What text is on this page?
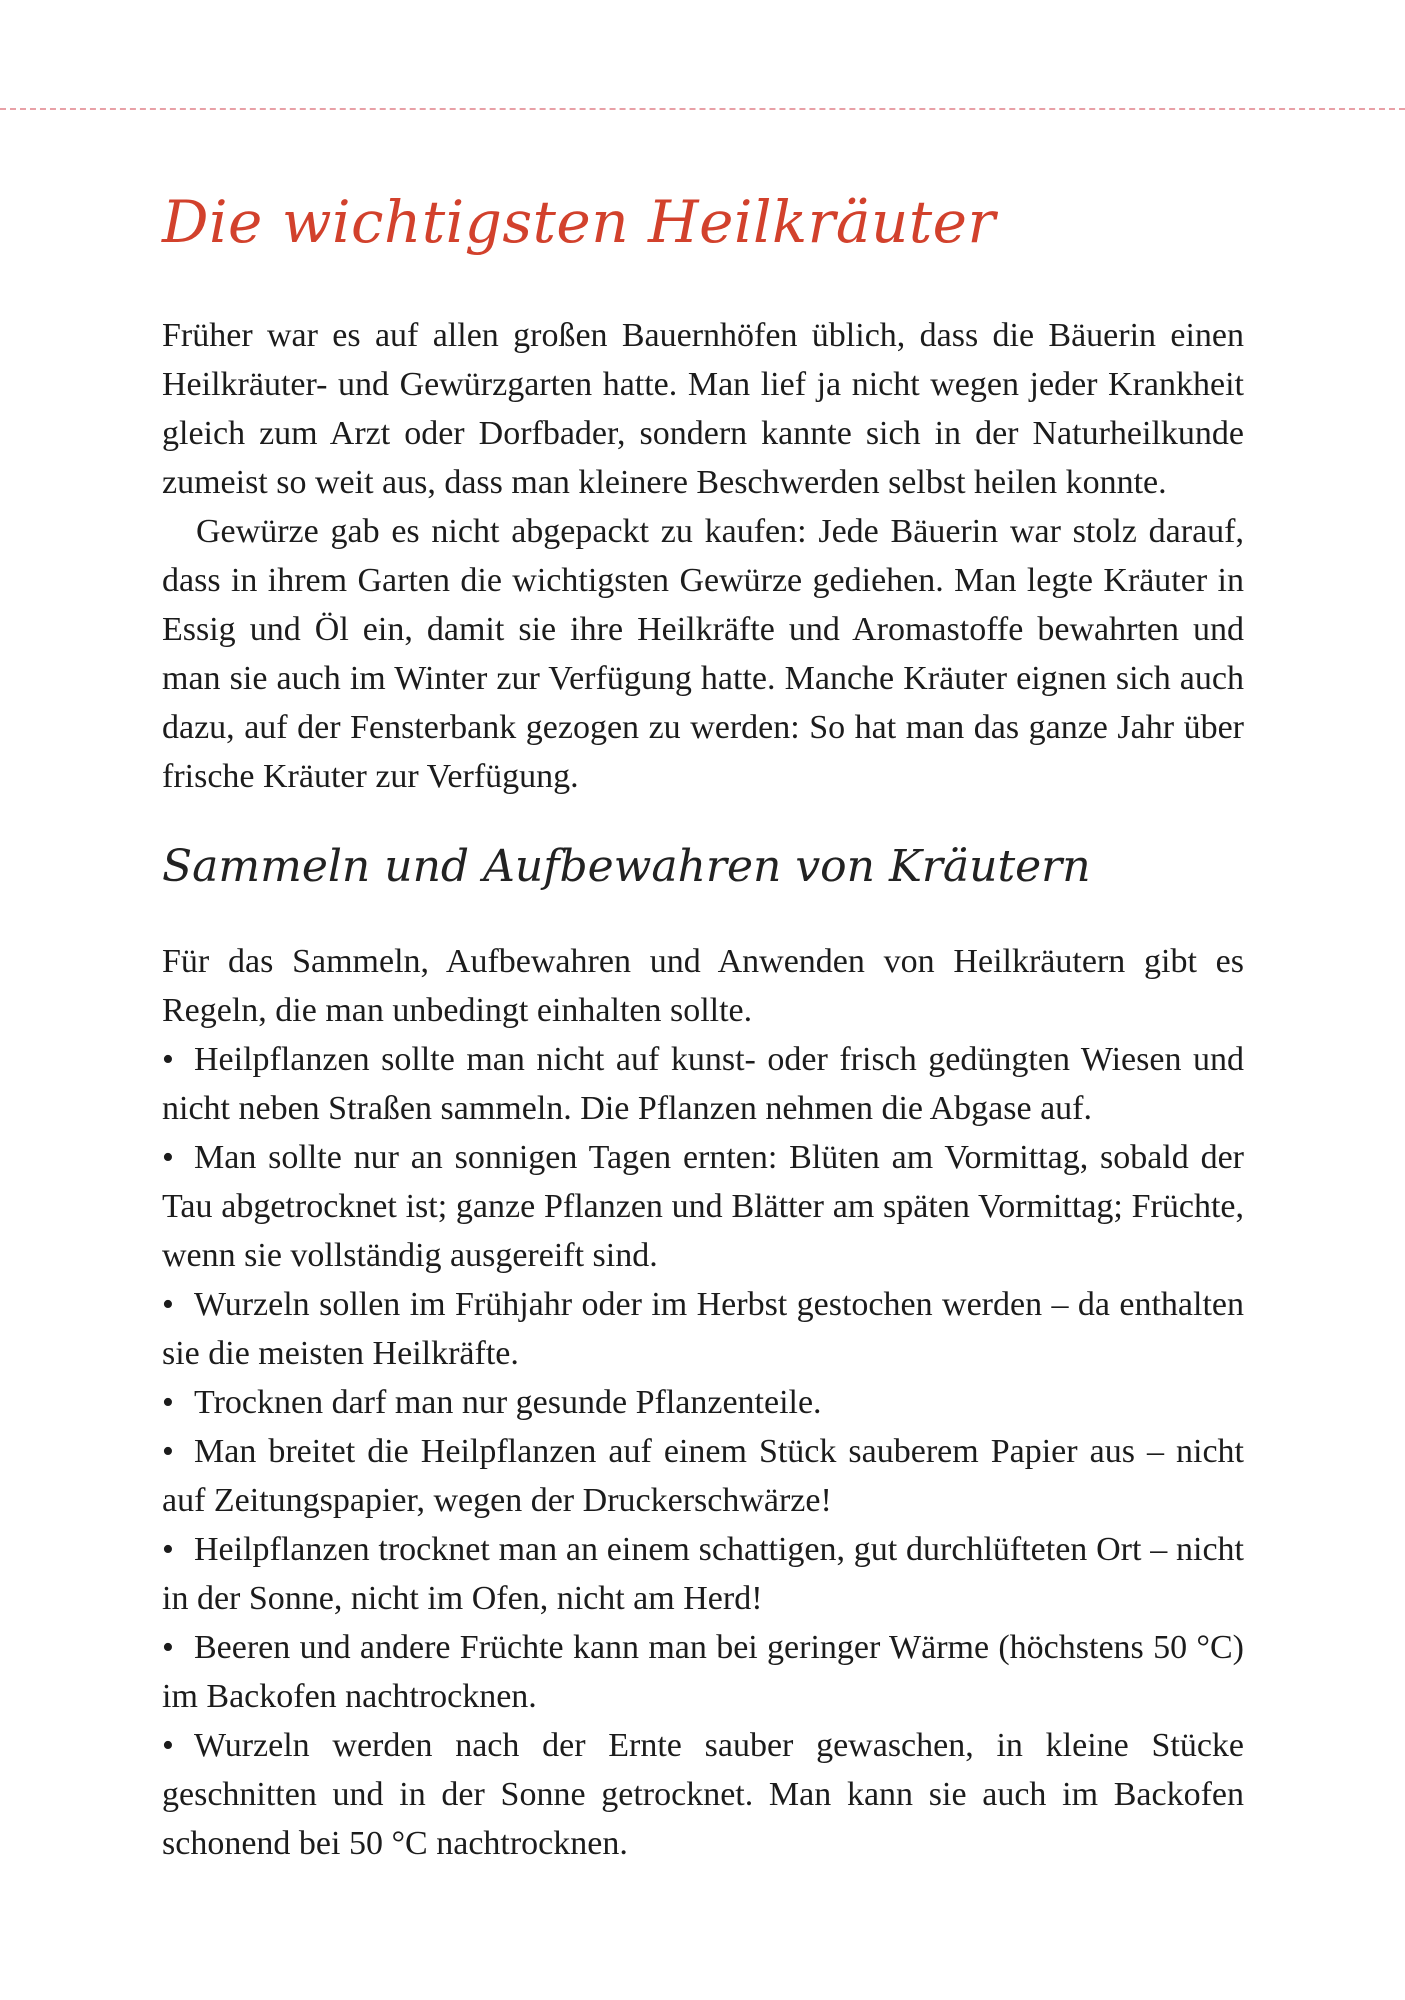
Die wichtigsten Heilkräuter

Früher war es auf allen großen Bauernhöfen üblich, dass die Bäuerin einen Heilkräuter- und Gewürzgarten hatte. Man lief ja nicht wegen jeder Krankheit gleich zum Arzt oder Dorfbader, sondern kannte sich in der Naturheilkunde zumeist so weit aus, dass man kleinere Beschwerden selbst heilen konnte.

Gewürze gab es nicht abgepackt zu kaufen: Jede Bäuerin war stolz darauf, dass in ihrem Garten die wichtigsten Gewürze gediehen. Man legte Kräuter in Essig und Öl ein, damit sie ihre Heilkräfte und Aromastoffe bewahrten und man sie auch im Winter zur Verfügung hatte. Manche Kräuter eignen sich auch dazu, auf der Fensterbank gezogen zu werden: So hat man das ganze Jahr über frische Kräuter zur Verfügung.

Sammeln und Aufbewahren von Kräutern

Für das Sammeln, Aufbewahren und Anwenden von Heilkräutern gibt es Regeln, die man unbedingt einhalten sollte.

• Heilpflanzen sollte man nicht auf kunst- oder frisch gedüngten Wiesen und nicht neben Straßen sammeln. Die Pflanzen nehmen die Abgase auf.
• Man sollte nur an sonnigen Tagen ernten: Blüten am Vormittag, sobald der Tau abgetrocknet ist; ganze Pflanzen und Blätter am späten Vormittag; Früchte, wenn sie vollständig ausgereift sind.
• Wurzeln sollen im Frühjahr oder im Herbst gestochen werden – da enthalten sie die meisten Heilkräfte.
• Trocknen darf man nur gesunde Pflanzenteile.
• Man breitet die Heilpflanzen auf einem Stück sauberem Papier aus – nicht auf Zeitungspapier, wegen der Druckerschwärze!
• Heilpflanzen trocknet man an einem schattigen, gut durchlüfteten Ort – nicht in der Sonne, nicht im Ofen, nicht am Herd!
• Beeren und andere Früchte kann man bei geringer Wärme (höchstens 50 °C) im Backofen nachtrocknen.
• Wurzeln werden nach der Ernte sauber gewaschen, in kleine Stücke geschnitten und in der Sonne getrocknet. Man kann sie auch im Backofen schonend bei 50 °C nachtrocknen.
